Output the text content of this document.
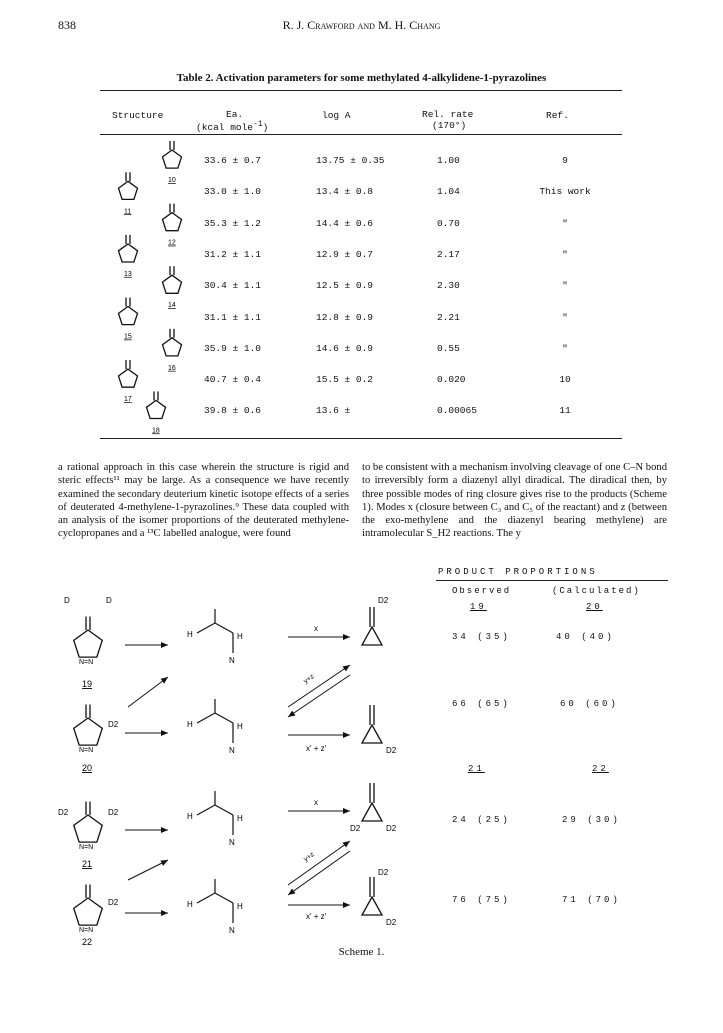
838	R. J. Crawford and M. H. Chang
Table 2. Activation parameters for some methylated 4-alkylidene-1-pyrazolines
Structure	Ea.
(kcal mole$^{-1}$)
log A	Rel. rate
(170°)
Ref.
33.6 ± 0.7	13.75 ± 0.35	1.00	9
33.0 ± 1.0	13.4 ± 0.8	1.04	This work
35.3 ± 1.2	14.4 ± 0.6	0.70	"
31.2 ± 1.1	12.9 ± 0.7	2.17	"
30.4 ± 1.1	12.5 ± 0.9	2.30	"
31.1 ± 1.1	12.8 ± 0.9	2.21	"
35.9 ± 1.0	14.6 ± 0.9	0.55	"
40.7 ± 0.4	15.5 ± 0.2	0.020	10
39.8 ± 0.6	13.6 ±	0.00065	11
10
11
12
13
14
15
16
17
18

a rational approach in this case wherein the structure is rigid and steric effects¹¹ may be large. As a consequence we have recently examined the secondary deuterium kinetic isotope effects of a series of deuterated 4-methylene-1-pyrazolines.⁹ These data coupled with an analysis of the isomer proportions of the deuterated methylene-cyclopropanes and a ¹³C labelled analogue, were found

to be consistent with a mechanism involving cleavage of one C–N bond to irreversibly form a diazenyl allyl diradical. The diradical then, by three possible modes of ring closure gives rise to the products (Scheme 1). Modes x (closure between C₃ and C₅ of the reactant) and z (between the exo-methylene and the diazenyl bearing methylene) are intramolecular S_H2 reactions. The y

PRODUCT PROPORTIONS
Observed	(Calculated)
19	20
34 (35)	40 (40)
66 (65)	60 (60)
21	22
24 (25)	29 (30)
76 (75)	71 (70)
N=N
D	D
19
N=N
D2
20
N=N
D2	D2
21
N=N
D2
22
N
H	H
N
H	H
N
H	H
N
H	H
x
x' + z'
y+z
x
x' + z'
y+z
D2
D2
D2	D2
D2
D2
Scheme 1.
